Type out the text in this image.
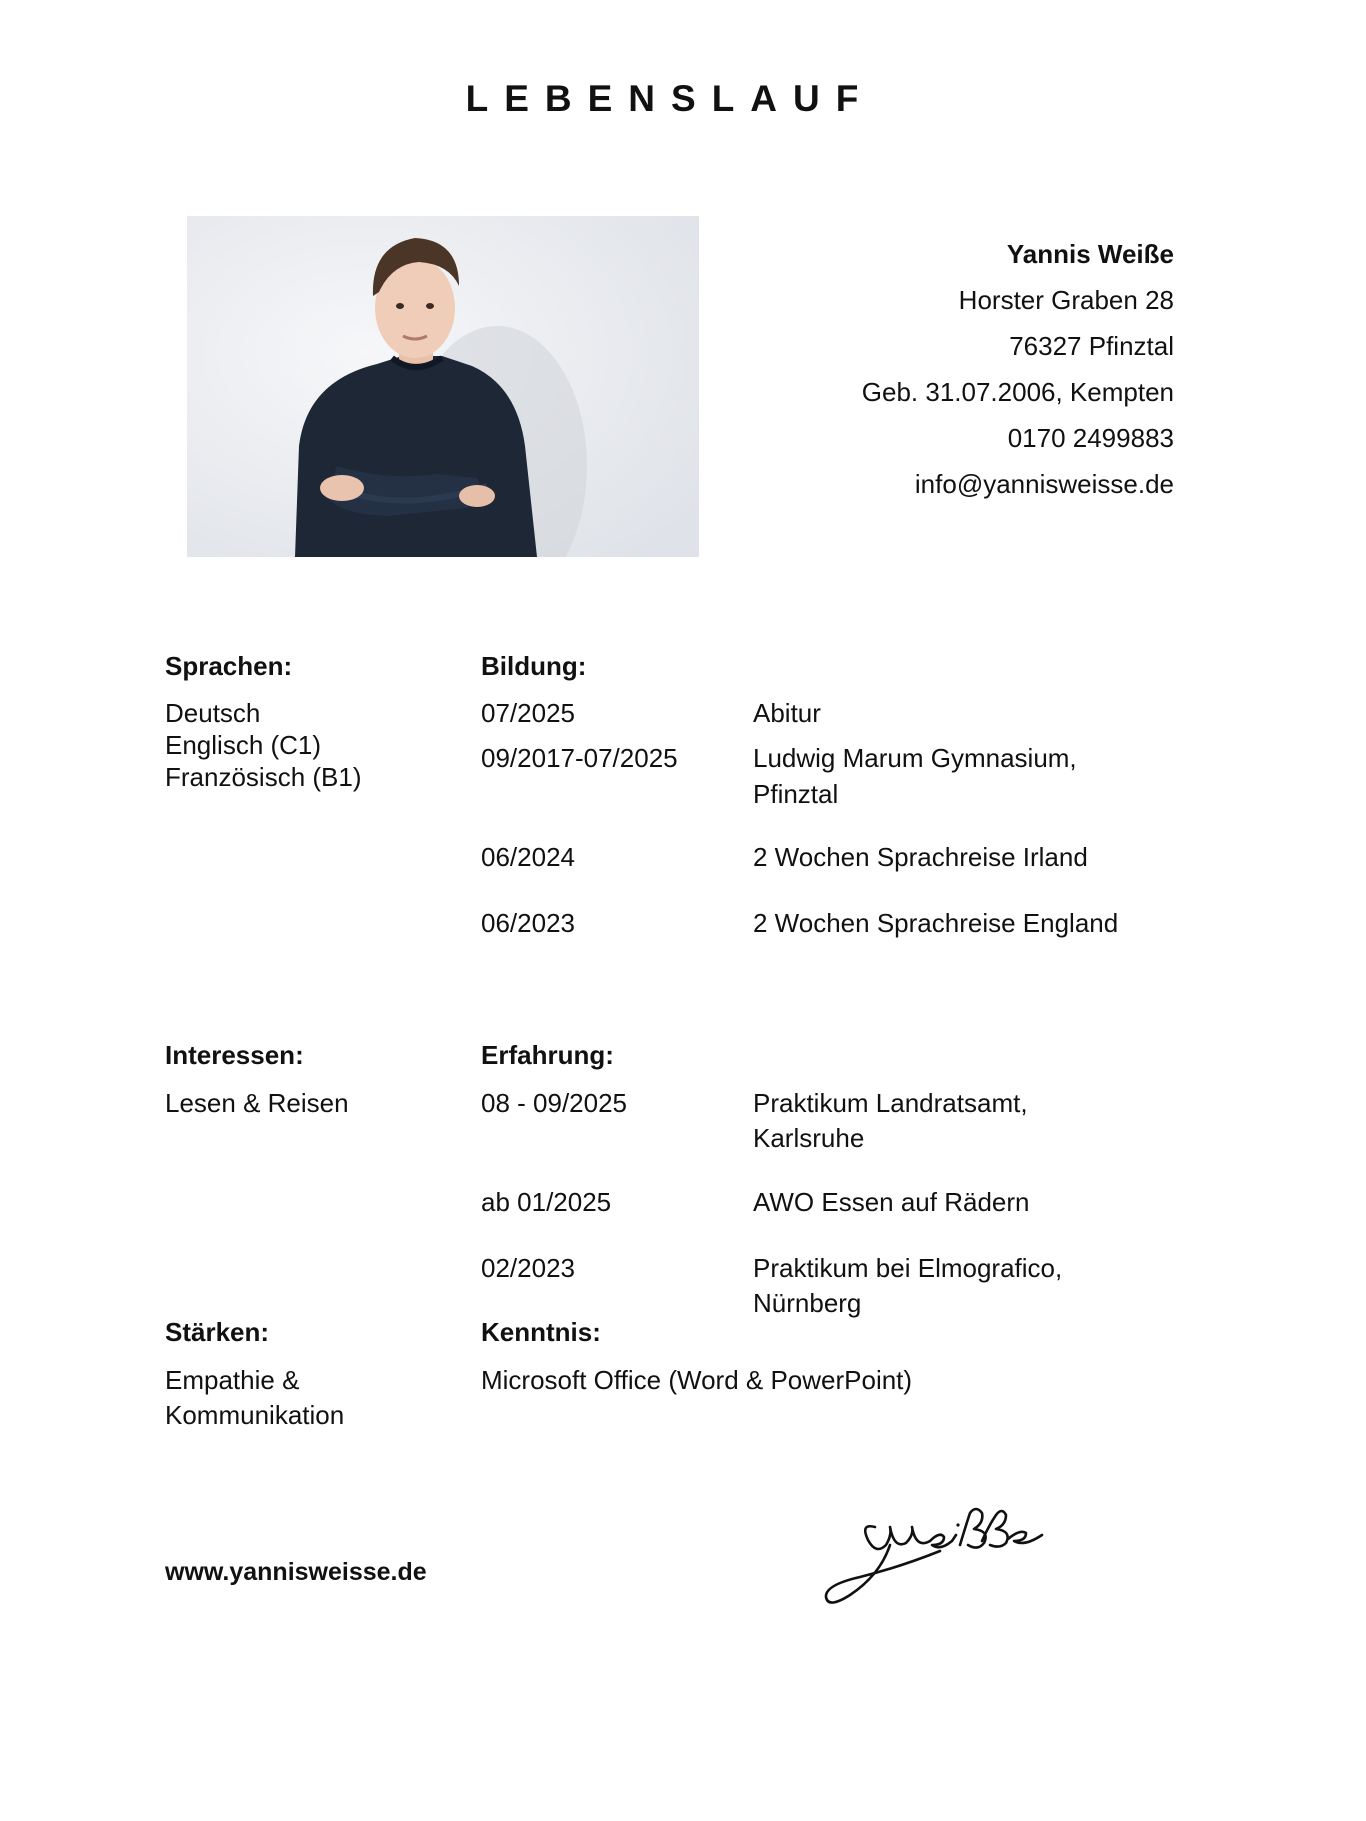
LEBENSLAUF
Yannis Weiße
Horster Graben 28
76327 Pfinztal
Geb. 31.07.2006, Kempten
0170 2499883
info@yannisweisse.de
Sprachen:
Deutsch
Englisch (C1)
Französisch (B1)
Bildung:
07/2025	Abitur
09/2017-07/2025	Ludwig Marum Gymnasium,
Pfinztal
06/2024	2 Wochen Sprachreise Irland
06/2023	2 Wochen Sprachreise England
Interessen:
Lesen & Reisen
Erfahrung:
08 - 09/2025	Praktikum Landratsamt,
Karlsruhe
ab 01/2025	AWO Essen auf Rädern
02/2023	Praktikum bei Elmografico,
Nürnberg
Stärken:
Empathie &
Kommunikation
Kenntnis:
Microsoft Office (Word & PowerPoint)
www.yannisweisse.de
